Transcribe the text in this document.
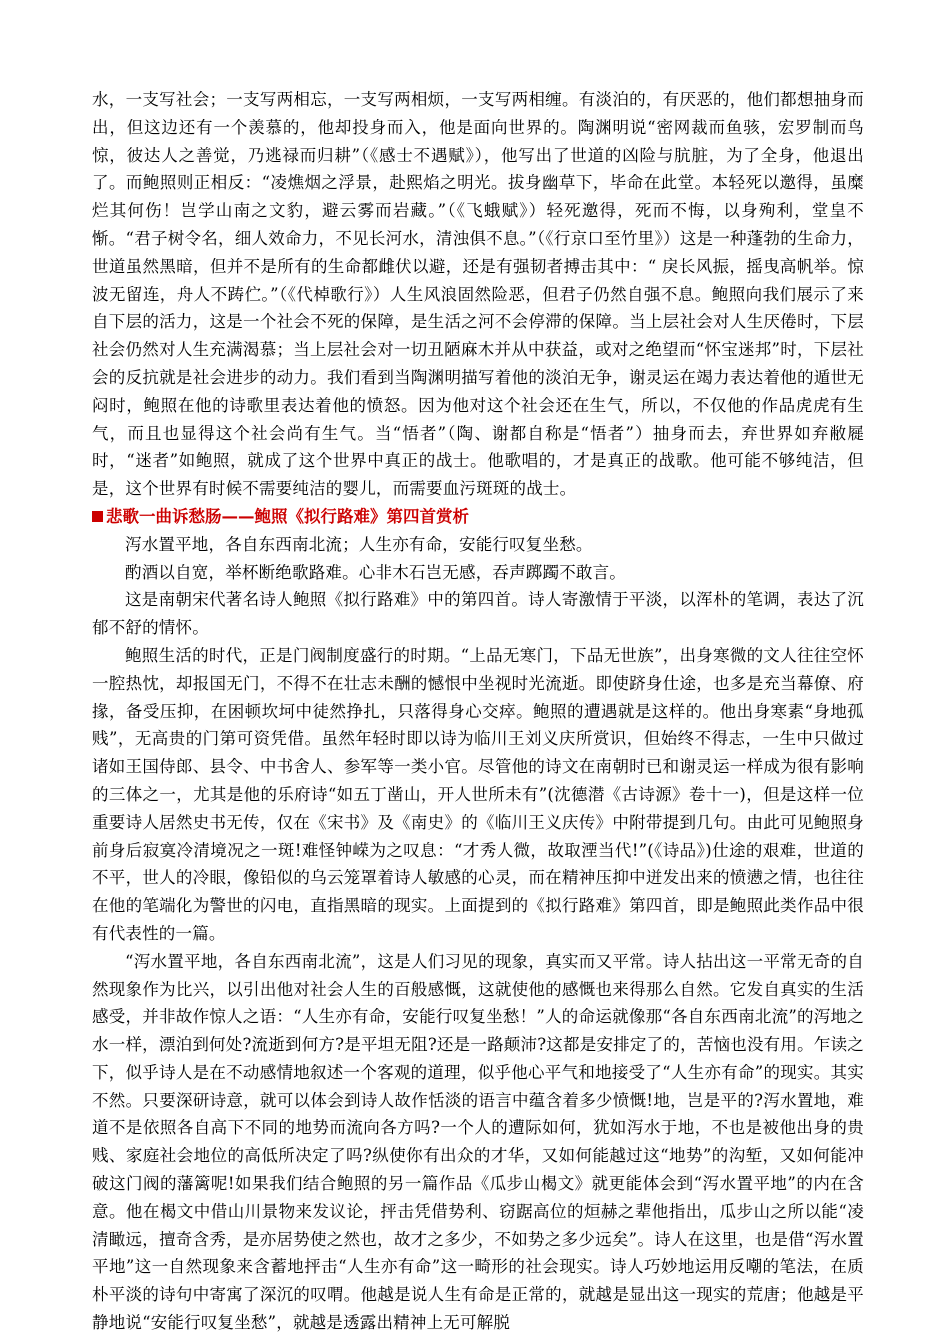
水，一支写社会；一支写两相忘，一支写两相烦，一支写两相缠。有淡泊的，有厌恶的，他们都想抽身而出，但这边还有一个羡慕的，他却投身而入，他是面向世界的。陶渊明说“密网裁而鱼骇，宏罗制而鸟惊，彼达人之善觉，乃逃禄而归耕”（《感士不遇赋》），他写出了世道的凶险与肮脏，为了全身，他退出了。而鲍照则正相反：“凌燋烟之浮景，赴熙焰之明光。拔身幽草下，毕命在此堂。本轻死以邀得，虽糜烂其何伤！岂学山南之文豹，避云雾而岩藏。”（《飞蛾赋》）轻死邀得，死而不悔，以身殉利，堂皇不惭。“君子树令名，细人效命力，不见长河水，清浊俱不息。”（《行京口至竹里》）这是一种蓬勃的生命力，世道虽然黑暗，但并不是所有的生命都雌伏以避，还是有强韧者搏击其中：“ 戾长风振，摇曳高帆举。惊波无留连，舟人不踌伫。”（《代棹歌行》）人生风浪固然险恶，但君子仍然自强不息。鲍照向我们展示了来自下层的活力，这是一个社会不死的保障，是生活之河不会停滞的保障。当上层社会对人生厌倦时，下层社会仍然对人生充满渴慕；当上层社会对一切丑陋麻木并从中获益，或对之绝望而“怀宝迷邦”时，下层社会的反抗就是社会进步的动力。我们看到当陶渊明描写着他的淡泊无争，谢灵运在竭力表达着他的遁世无闷时，鲍照在他的诗歌里表达着他的愤怒。因为他对这个社会还在生气，所以，不仅他的作品虎虎有生气，而且也显得这个社会尚有生气。当“悟者”（陶、谢都自称是“悟者”）抽身而去，弃世界如弃敝屣时，“迷者”如鲍照，就成了这个世界中真正的战士。他歌唱的，才是真正的战歌。他可能不够纯洁，但是，这个世界有时候不需要纯洁的婴儿，而需要血污斑斑的战士。

悲歌一曲诉愁肠——鲍照《拟行路难》第四首赏析

泻水置平地，各自东西南北流；人生亦有命，安能行叹复坐愁。

酌酒以自宽，举杯断绝歌路难。心非木石岂无感，吞声踯躅不敢言。

这是南朝宋代著名诗人鲍照《拟行路难》中的第四首。诗人寄激情于平淡，以浑朴的笔调，表达了沉郁不舒的情怀。

鲍照生活的时代，正是门阀制度盛行的时期。“上品无寒门，下品无世族”，出身寒微的文人往往空怀一腔热忱，却报国无门，不得不在壮志未酬的憾恨中坐视时光流逝。即使跻身仕途，也多是充当幕僚、府掾，备受压抑，在困顿坎坷中徒然挣扎，只落得身心交瘁。鲍照的遭遇就是这样的。他出身寒素“身地孤贱”，无高贵的门第可资凭借。虽然年轻时即以诗为临川王刘义庆所赏识，但始终不得志，一生中只做过诸如王国侍郎、县令、中书舍人、参军等一类小官。尽管他的诗文在南朝时已和谢灵运一样成为很有影响的三体之一，尤其是他的乐府诗“如五丁凿山，开人世所未有”(沈德潜《古诗源》卷十一)，但是这样一位重要诗人居然史书无传，仅在《宋书》及《南史》的《临川王义庆传》中附带提到几句。由此可见鲍照身前身后寂寞冷清境况之一斑!难怪钟嵘为之叹息：“才秀人微，故取湮当代!”(《诗品》)仕途的艰难，世道的不平，世人的冷眼，像铅似的乌云笼罩着诗人敏感的心灵，而在精神压抑中迸发出来的愤懑之情，也往往在他的笔端化为警世的闪电，直指黑暗的现实。上面提到的《拟行路难》第四首，即是鲍照此类作品中很有代表性的一篇。

“泻水置平地，各自东西南北流”，这是人们习见的现象，真实而又平常。诗人拈出这一平常无奇的自然现象作为比兴，以引出他对社会人生的百般感慨，这就使他的感慨也来得那么自然。它发自真实的生活感受，并非故作惊人之语：“人生亦有命，安能行叹复坐愁！”人的命运就像那“各自东西南北流”的泻地之水一样，漂泊到何处?流逝到何方?是平坦无阻?还是一路颠沛?这都是安排定了的，苦恼也没有用。乍读之下，似乎诗人是在不动感情地叙述一个客观的道理，似乎他心平气和地接受了“人生亦有命”的现实。其实不然。只要深研诗意，就可以体会到诗人故作恬淡的语言中蕴含着多少愤慨!地，岂是平的?泻水置地，难道不是依照各自高下不同的地势而流向各方吗?一个人的遭际如何，犹如泻水于地，不也是被他出身的贵贱、家庭社会地位的高低所决定了吗?纵使你有出众的才华，又如何能越过这“地势”的沟堑，又如何能冲破这门阀的藩篱呢!如果我们结合鲍照的另一篇作品《瓜步山楬文》就更能体会到“泻水置平地”的内在含意。他在楬文中借山川景物来发议论，抨击凭借势利、窃踞高位的烜赫之辈他指出，瓜步山之所以能“凌清瞰远，擅奇含秀，是亦居势使之然也，故才之多少，不如势之多少远矣”。诗人在这里，也是借“泻水置平地”这一自然现象来含蓄地抨击“人生亦有命”这一畸形的社会现实。诗人巧妙地运用反嘲的笔法，在质朴平淡的诗句中寄寓了深沉的叹喟。他越是说人生有命是正常的，就越是显出这一现实的荒唐；他越是平静地说“安能行叹复坐愁”，就越是透露出精神上无可解脱
